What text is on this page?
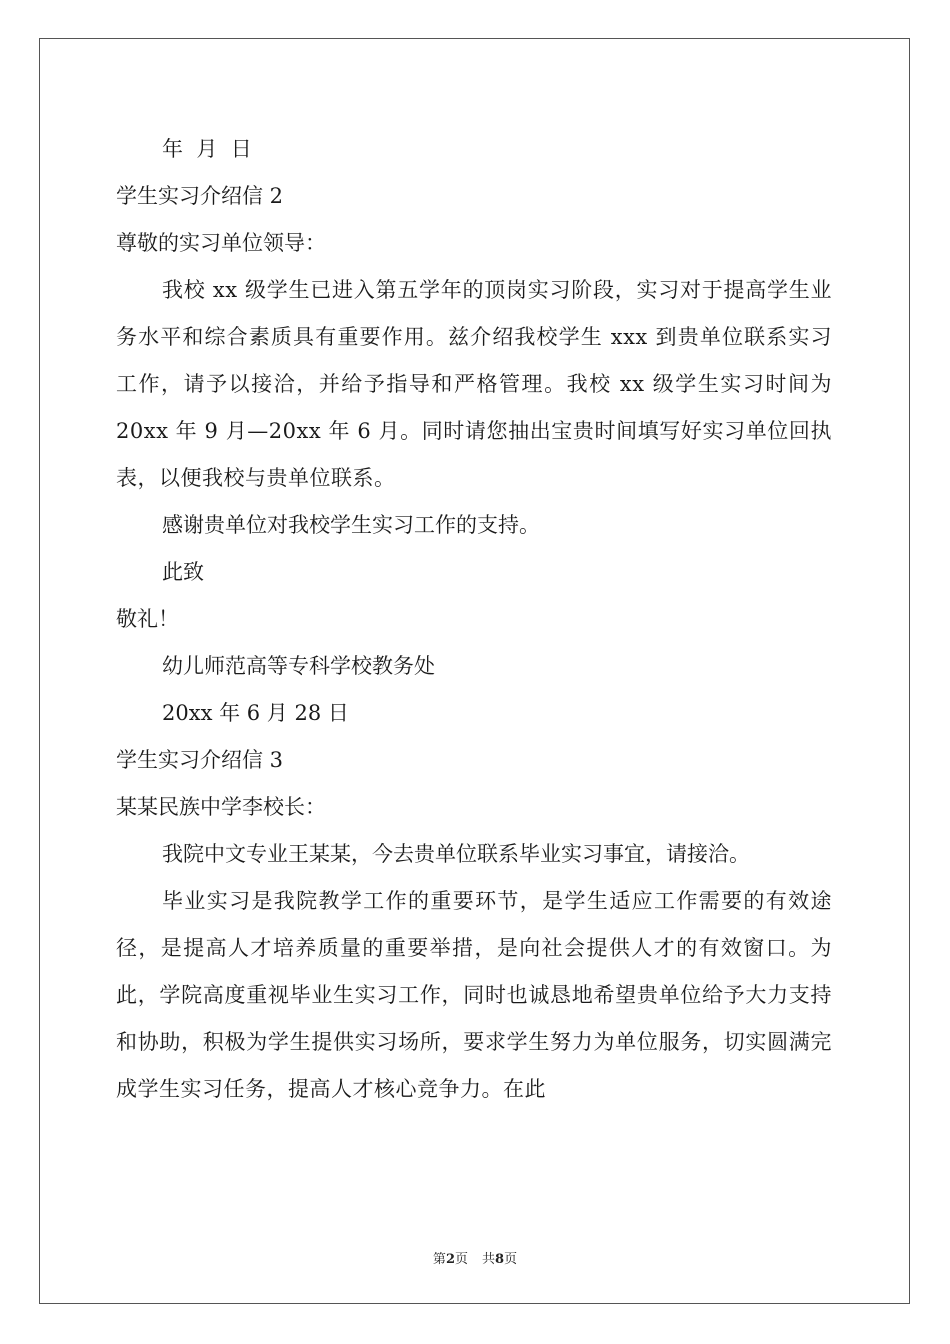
年  月  日
学生实习介绍信 2
尊敬的实习单位领导：
我校 xx 级学生已进入第五学年的顶岗实习阶段，实习对于提高学生业务水平和综合素质具有重要作用。兹介绍我校学生 xxx 到贵单位联系实习工作，请予以接洽，并给予指导和严格管理。我校 xx 级学生实习时间为 20xx 年 9 月—20xx 年 6 月。同时请您抽出宝贵时间填写好实习单位回执表，以便我校与贵单位联系。
感谢贵单位对我校学生实习工作的支持。
此致
敬礼！
幼儿师范高等专科学校教务处
20xx 年 6 月 28 日
学生实习介绍信 3
某某民族中学李校长：
我院中文专业王某某，今去贵单位联系毕业实习事宜，请接洽。
毕业实习是我院教学工作的重要环节，是学生适应工作需要的有效途径，是提高人才培养质量的重要举措，是向社会提供人才的有效窗口。为此，学院高度重视毕业生实习工作，同时也诚恳地希望贵单位给予大力支持和协助，积极为学生提供实习场所，要求学生努力为单位服务，切实圆满完成学生实习任务，提高人才核心竞争力。在此
第2页 共8页
